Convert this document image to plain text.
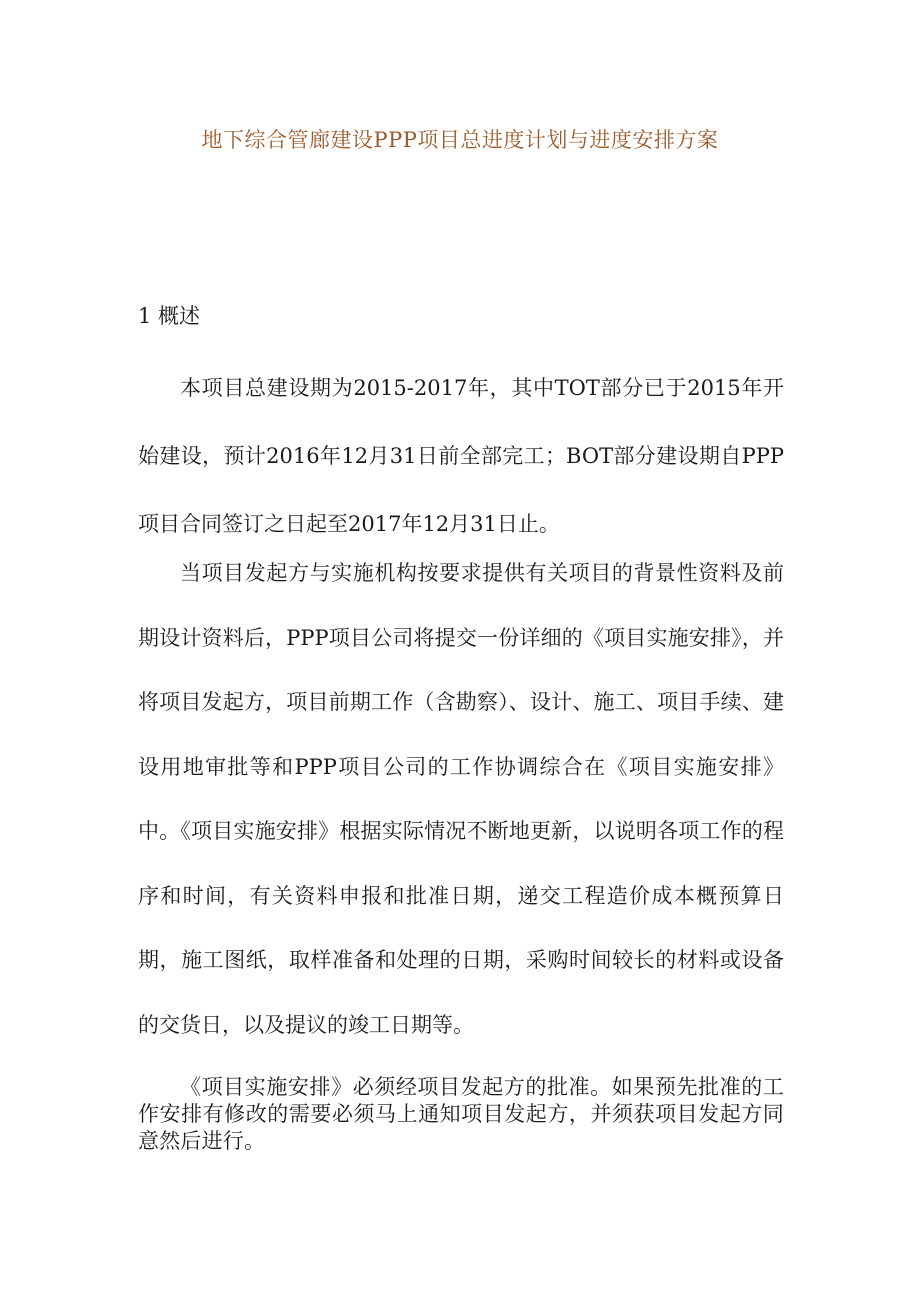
地下综合管廊建设PPP项目总进度计划与进度安排方案
1 概述

本项目总建设期为2015-2017年，其中TOT部分已于2015年开始建设，预计2016年12月31日前全部完工；BOT部分建设期自PPP项目合同签订之日起至2017年12月31日止。

当项目发起方与实施机构按要求提供有关项目的背景性资料及前期设计资料后，PPP项目公司将提交一份详细的《项目实施安排》，并将项目发起方，项目前期工作（含勘察）、设计、施工、项目手续、建设用地审批等和PPP项目公司的工作协调综合在《项目实施安排》中。《项目实施安排》根据实际情况不断地更新，以说明各项工作的程序和时间，有关资料申报和批准日期，递交工程造价成本概预算日期，施工图纸，取样准备和处理的日期，采购时间较长的材料或设备的交货日，以及提议的竣工日期等。

《项目实施安排》必须经项目发起方的批准。如果预先批准的工作安排有修改的需要必须马上通知项目发起方，并须获项目发起方同意然后进行。
